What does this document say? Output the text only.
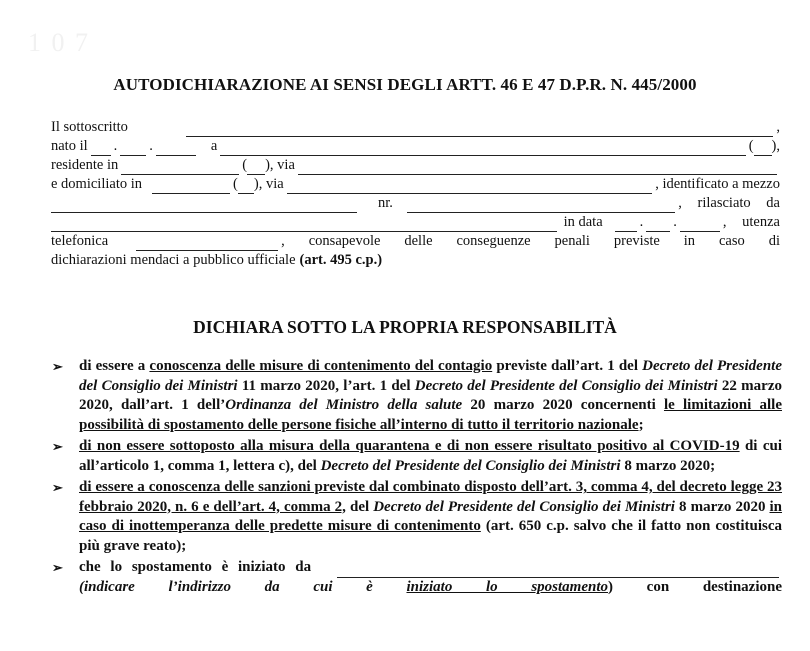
1 0 7
AUTODICHIARAZIONE AI SENSI DEGLI ARTT. 46 E 47 D.P.R. N. 445/2000
Il sottoscritto	,
nato il . .	a	( ),
residente in	( ), via
e domiciliato in	( ), via	, identificato a mezzo
nr.	, rilasciato da
in data	. .	, utenza
telefonica	, consapevole delle conseguenze penali previste in caso di
dichiarazioni mendaci a pubblico ufficiale (art. 495 c.p.)
DICHIARA SOTTO LA PROPRIA RESPONSABILITÀ
➢ di essere a conoscenza delle misure di contenimento del contagio previste dall’art. 1 del Decreto del Presidente del Consiglio dei Ministri 11 marzo 2020, l’art. 1 del Decreto del Presidente del Consiglio dei Ministri 22 marzo 2020, dall’art. 1 dell’Ordinanza del Ministro della salute 20 marzo 2020 concernenti le limitazioni alle possibilità di spostamento delle persone fisiche all’interno di tutto il territorio nazionale;
➢ di non essere sottoposto alla misura della quarantena e di non essere risultato positivo al COVID-19 di cui all’articolo 1, comma 1, lettera c), del Decreto del Presidente del Consiglio dei Ministri 8 marzo 2020;
➢ di essere a conoscenza delle sanzioni previste dal combinato disposto dell’art. 3, comma 4, del decreto legge 23 febbraio 2020, n. 6 e dell’art. 4, comma 2, del Decreto del Presidente del Consiglio dei Ministri 8 marzo 2020 in caso di inottemperanza delle predette misure di contenimento (art. 650 c.p. salvo che il fatto non costituisca più grave reato);
➢ che lo spostamento è iniziato da
(indicare l’indirizzo da cui è iniziato lo spostamento) con destinazione
